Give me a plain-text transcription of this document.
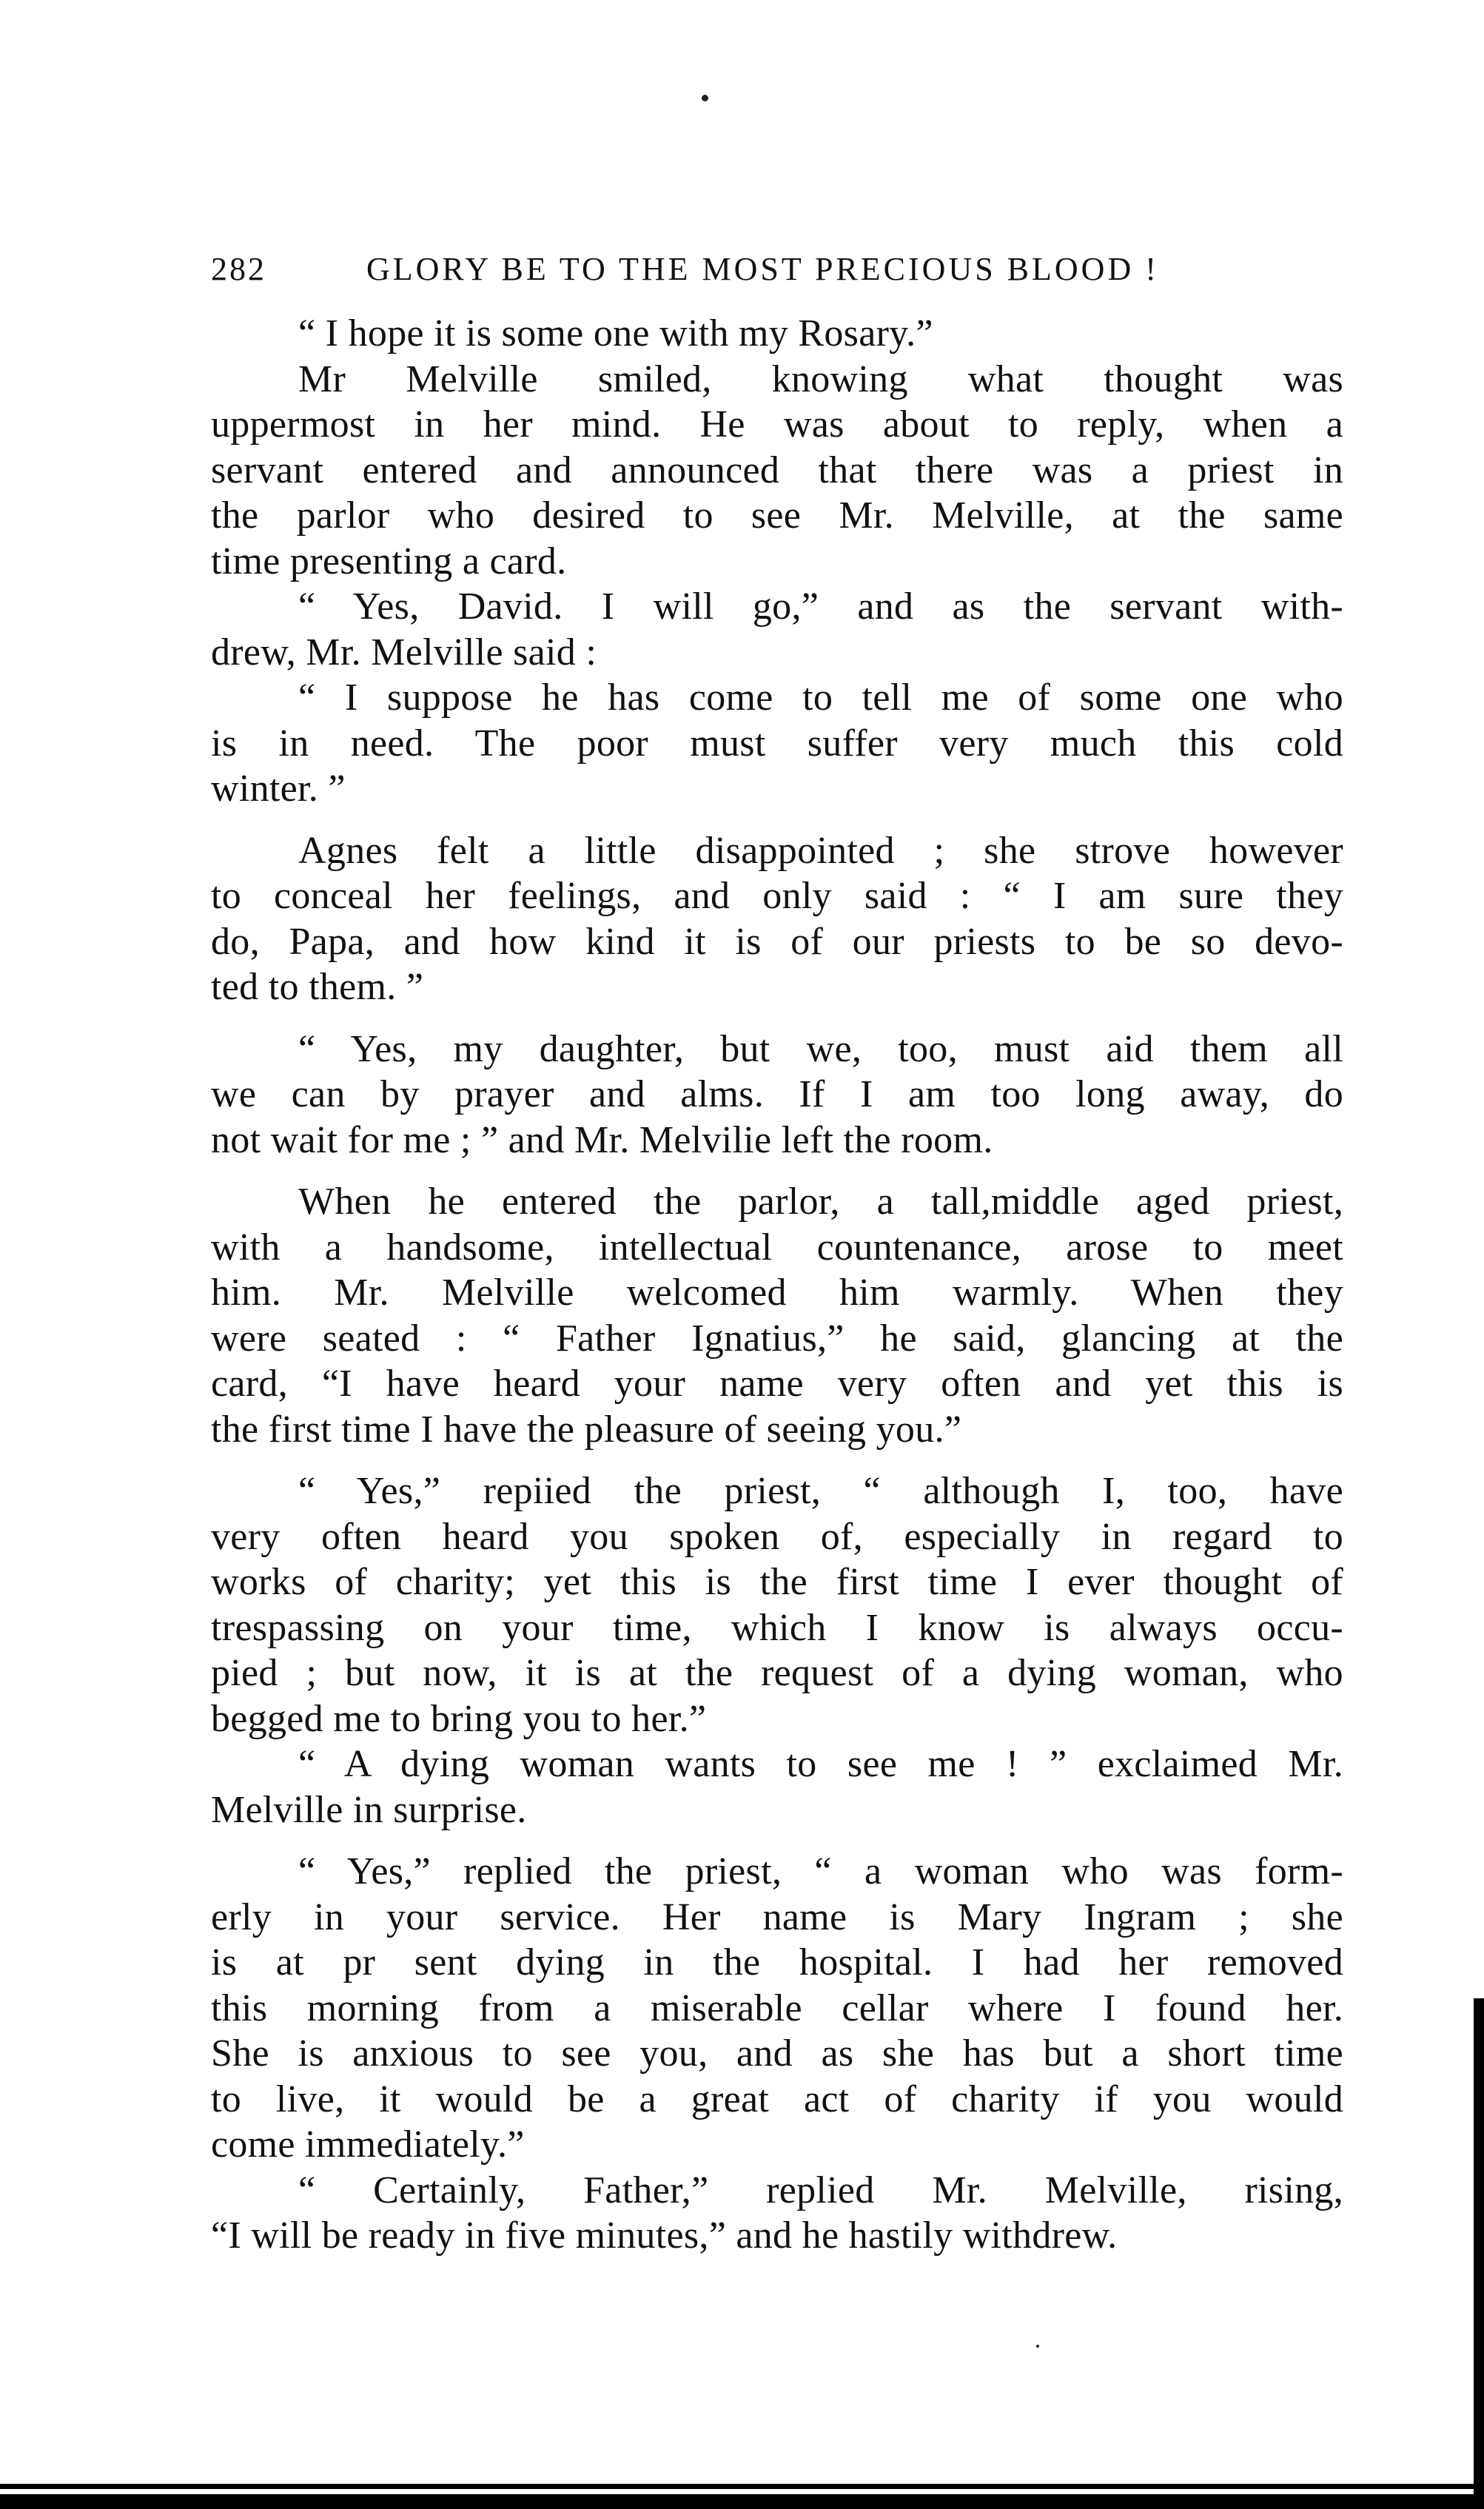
282	GLORY BE TO THE MOST PRECIOUS BLOOD !
“ I hope it is some one with my Rosary.”
Mr Melville smiled, knowing what thought was
uppermost in her mind. He was about to reply, when a
servant entered and announced that there was a priest in
the parlor who desired to see Mr. Melville, at the same
time presenting a card.
“ Yes, David. I will go,” and as the servant with-
drew, Mr. Melville said :
“ I suppose he has come to tell me of some one who
is in need. The poor must suffer very much this cold
winter. ”
Agnes felt a little disappointed ; she strove however
to conceal her feelings, and only said : “ I am sure they
do, Papa, and how kind it is of our priests to be so devo-
ted to them. ”
“ Yes, my daughter, but we, too, must aid them all
we can by prayer and alms. If I am too long away, do
not wait for me ; ” and Mr. Melvilie left the room.
When he entered the parlor, a tall,middle aged priest,
with a handsome, intellectual countenance, arose to meet
him. Mr. Melville welcomed him warmly. When they
were seated : “ Father Ignatius,” he said, glancing at the
card, “I have heard your name very often and yet this is
the first time I have the pleasure of seeing you.”
“ Yes,” repiied the priest, “ although I, too, have
very often heard you spoken of, especially in regard to
works of charity; yet this is the first time I ever thought of
trespassing on your time, which I know is always occu-
pied ; but now, it is at the request of a dying woman, who
begged me to bring you to her.”
“ A dying woman wants to see me ! ” exclaimed Mr.
Melville in surprise.
“ Yes,” replied the priest, “ a woman who was form-
erly in your service. Her name is Mary Ingram ; she
is at pr sent dying in the hospital. I had her removed
this morning from a miserable cellar where I found her.
She is anxious to see you, and as she has but a short time
to live, it would be a great act of charity if you would
come immediately.”
“ Certainly, Father,” replied Mr. Melville, rising,
“I will be ready in five minutes,” and he hastily withdrew.
